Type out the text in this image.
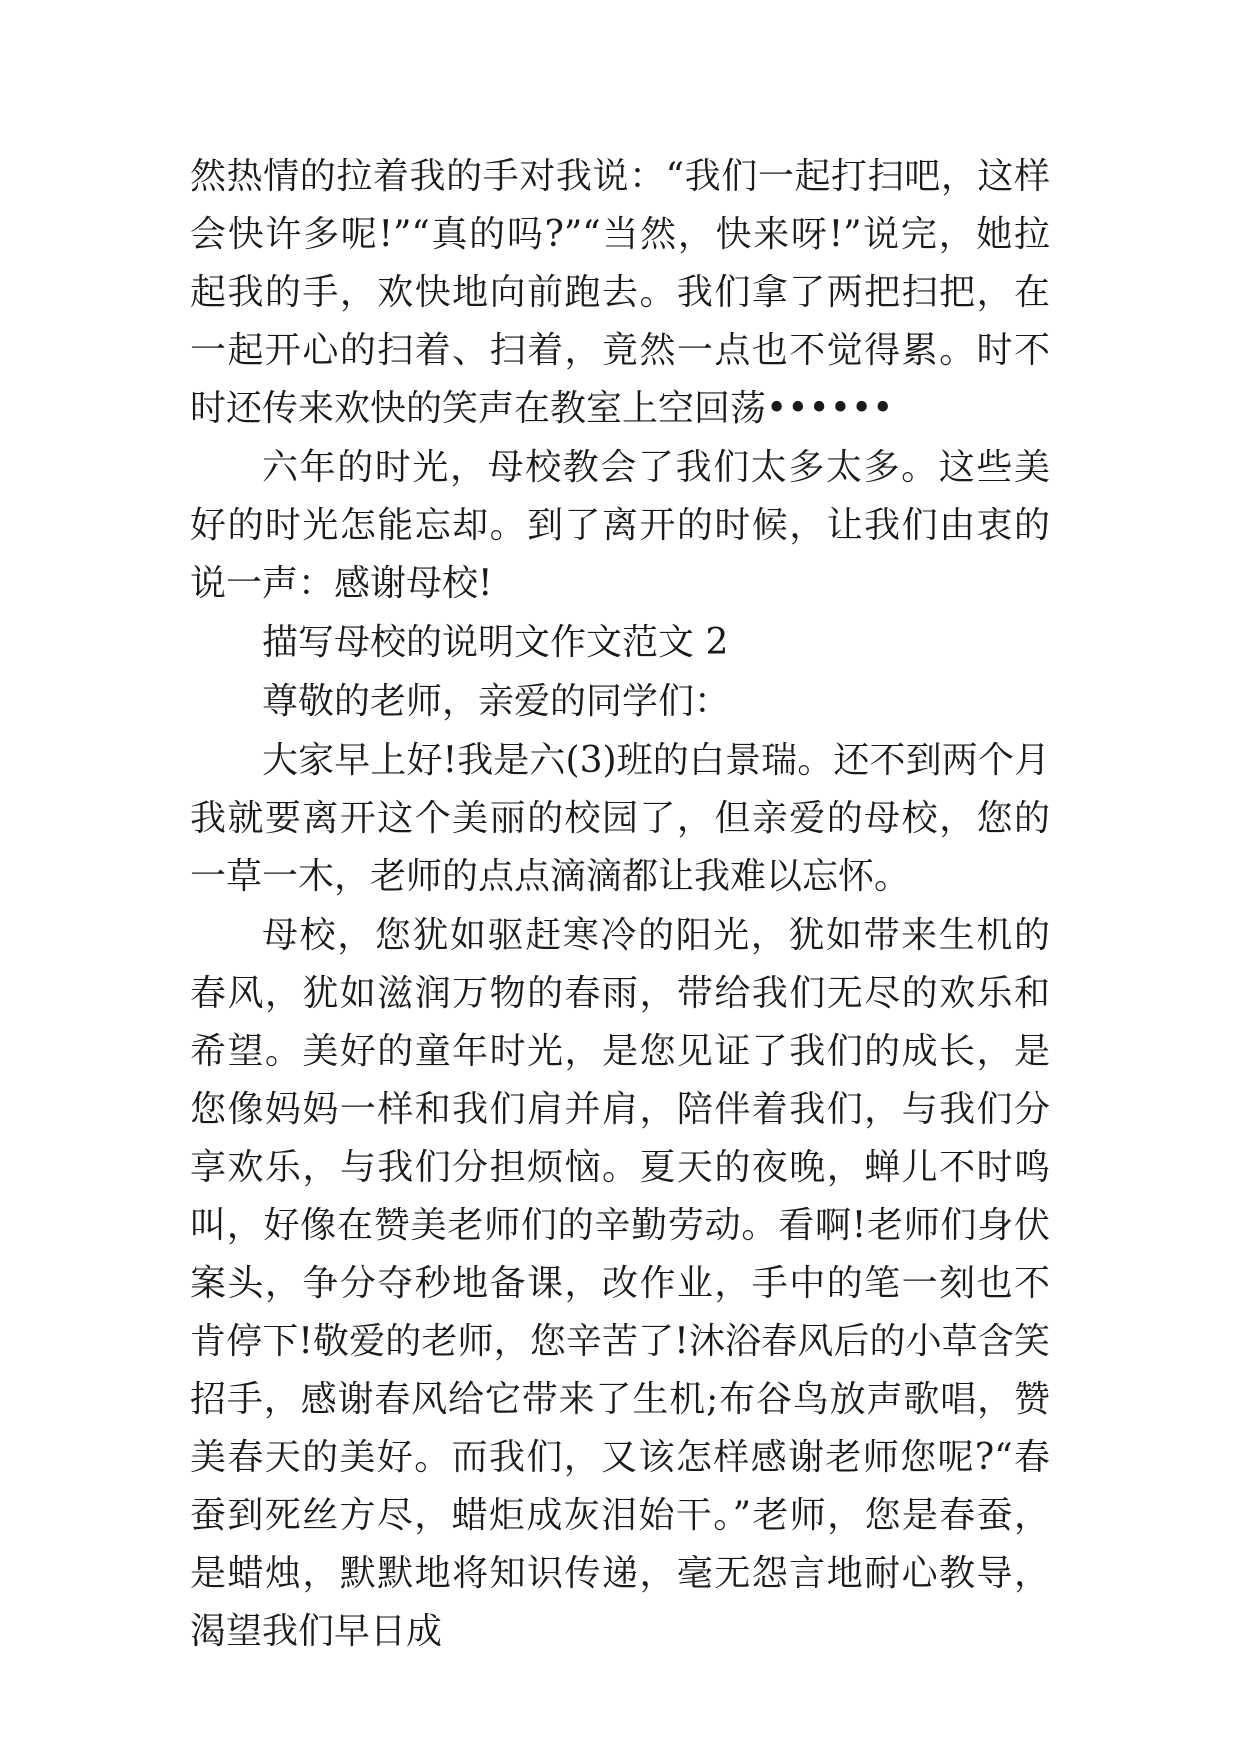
然热情的拉着我的手对我说：“我们一起打扫吧，这样会快许多呢!”“真的吗?”“当然，快来呀!”说完，她拉起我的手，欢快地向前跑去。我们拿了两把扫把，在一起开心的扫着、扫着，竟然一点也不觉得累。时不时还传来欢快的笑声在教室上空回荡••••••

六年的时光，母校教会了我们太多太多。这些美好的时光怎能忘却。到了离开的时候，让我们由衷的说一声：感谢母校!

描写母校的说明文作文范文 2

尊敬的老师，亲爱的同学们：

大家早上好!我是六(3)班的白景瑞。还不到两个月我就要离开这个美丽的校园了，但亲爱的母校，您的一草一木，老师的点点滴滴都让我难以忘怀。

母校，您犹如驱赶寒冷的阳光，犹如带来生机的春风，犹如滋润万物的春雨，带给我们无尽的欢乐和希望。美好的童年时光，是您见证了我们的成长，是您像妈妈一样和我们肩并肩，陪伴着我们，与我们分享欢乐，与我们分担烦恼。夏天的夜晚，蝉儿不时鸣叫，好像在赞美老师们的辛勤劳动。看啊!老师们身伏案头，争分夺秒地备课，改作业，手中的笔一刻也不肯停下!敬爱的老师，您辛苦了!沐浴春风后的小草含笑招手，感谢春风给它带来了生机;布谷鸟放声歌唱，赞美春天的美好。而我们，又该怎样感谢老师您呢?“春蚕到死丝方尽，蜡炬成灰泪始干。”老师，您是春蚕，是蜡烛，默默地将知识传递，毫无怨言地耐心教导，渴望我们早日成
